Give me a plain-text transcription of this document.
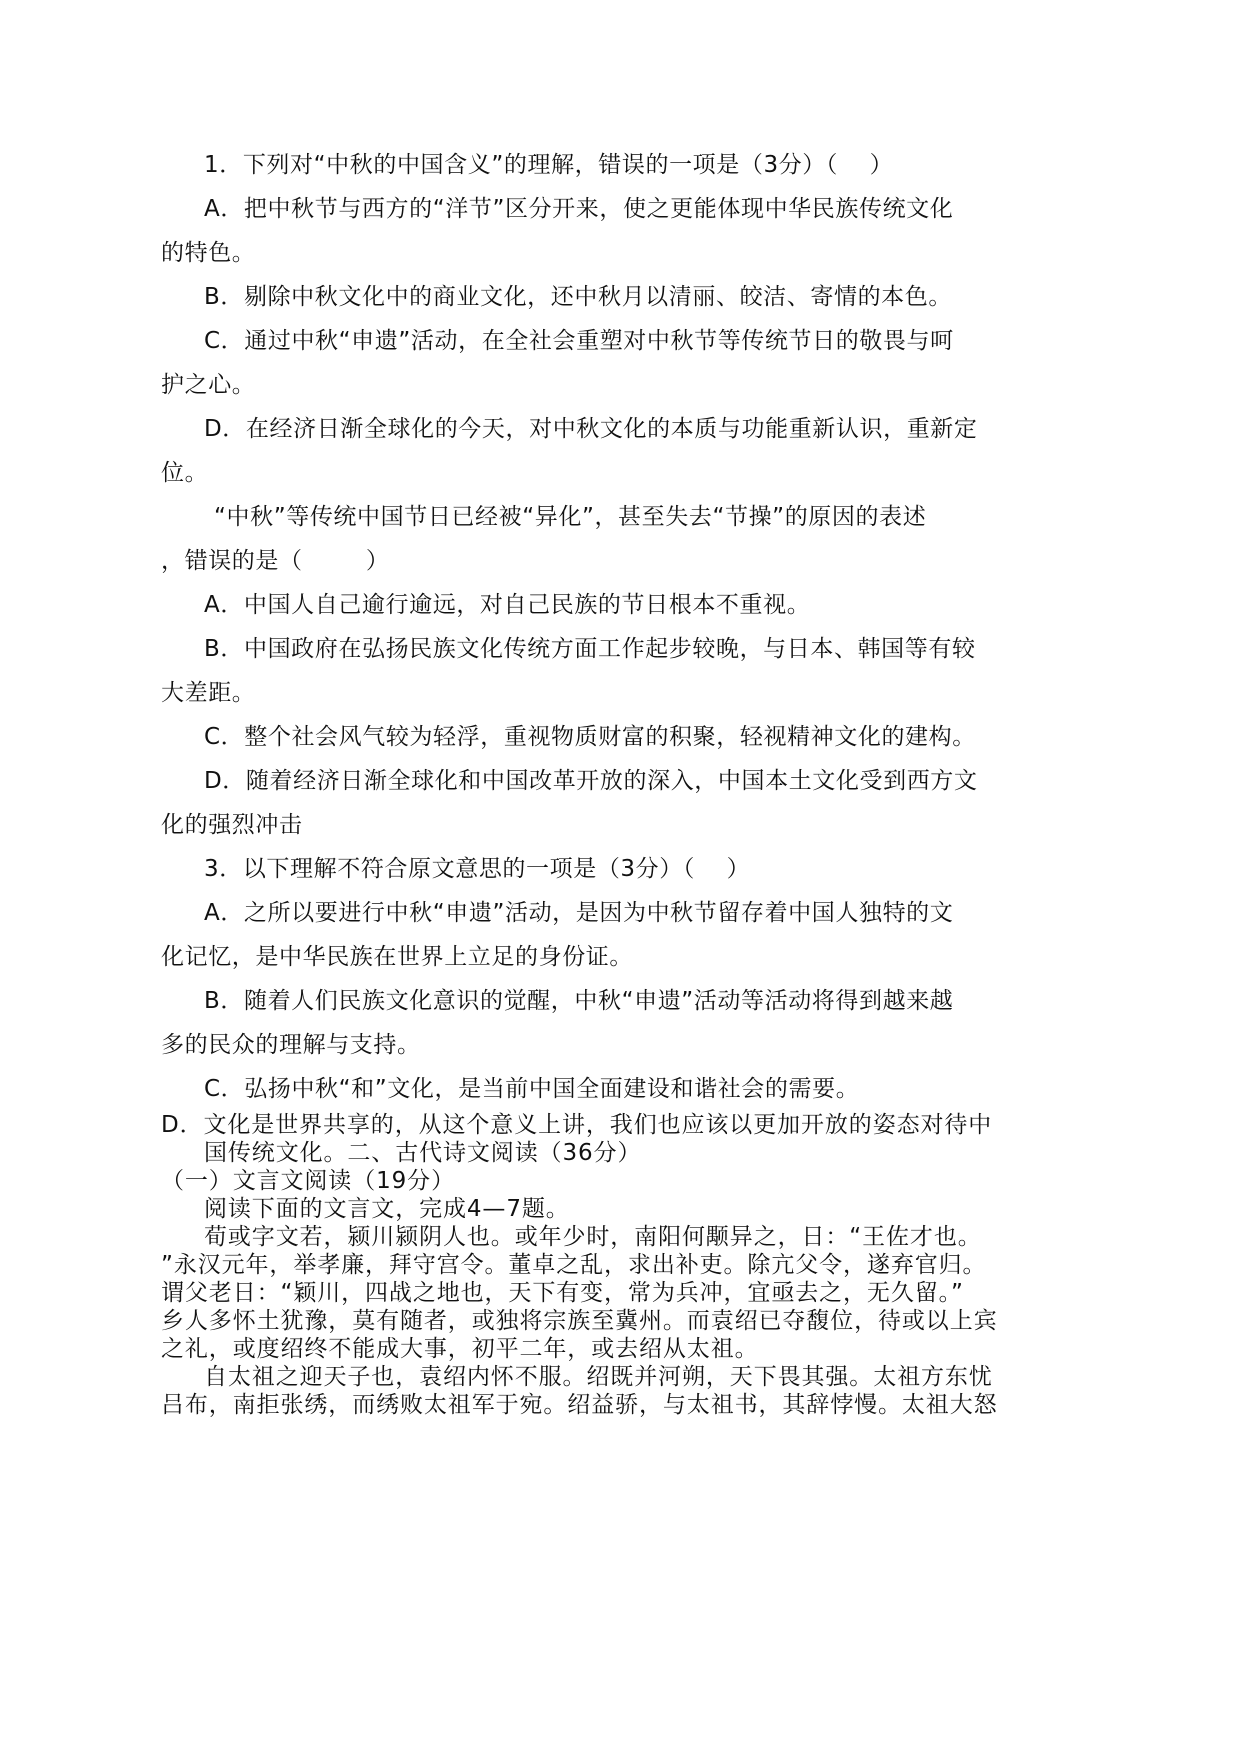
1．下列对“中秋的中国含义”的理解，错误的一项是（3分）（    ）
A．把中秋节与西方的“洋节”区分开来，使之更能体现中华民族传统文化
的特色。
B．剔除中秋文化中的商业文化，还中秋月以清丽、皎洁、寄情的本色。
C．通过中秋“申遗”活动，在全社会重塑对中秋节等传统节日的敬畏与呵
护之心。
D．在经济日渐全球化的今天，对中秋文化的本质与功能重新认识，重新定
位。
“中秋”等传统中国节日已经被“异化”，甚至失去“节操”的原因的表述
，错误的是（        ）
A．中国人自己逾行逾远，对自己民族的节日根本不重视。
B．中国政府在弘扬民族文化传统方面工作起步较晚，与日本、韩国等有较
大差距。
C．整个社会风气较为轻浮，重视物质财富的积聚，轻视精神文化的建构。
D．随着经济日渐全球化和中国改革开放的深入，中国本土文化受到西方文
化的强烈冲击
3．以下理解不符合原文意思的一项是（3分）（    ）
A．之所以要进行中秋“申遗”活动，是因为中秋节留存着中国人独特的文
化记忆，是中华民族在世界上立足的身份证。
B．随着人们民族文化意识的觉醒，中秋“申遗”活动等活动将得到越来越
多的民众的理解与支持。
C．弘扬中秋“和”文化，是当前中国全面建设和谐社会的需要。
D．文化是世界共享的，从这个意义上讲，我们也应该以更加开放的姿态对待中
国传统文化。二、古代诗文阅读（36分）
（一）文言文阅读（19分）
阅读下面的文言文，完成4—7题。
荀或字文若，颍川颍阴人也。或年少时，南阳何颙异之，日：“王佐才也。
”永汉元年，举孝廉，拜守宫令。董卓之乱，求出补吏。除亢父令，遂弃官归。
谓父老日：“颖川，四战之地也，天下有变，常为兵冲，宜亟去之，无久留。”
乡人多怀土犹豫，莫有随者，或独将宗族至冀州。而袁绍已夺馥位，待或以上宾
之礼，或度绍终不能成大事，初平二年，或去绍从太祖。
自太祖之迎天子也，袁绍内怀不服。绍既并河朔，天下畏其强。太祖方东忧
吕布，南拒张绣，而绣败太祖军于宛。绍益骄，与太祖书，其辞悖慢。太祖大怒
